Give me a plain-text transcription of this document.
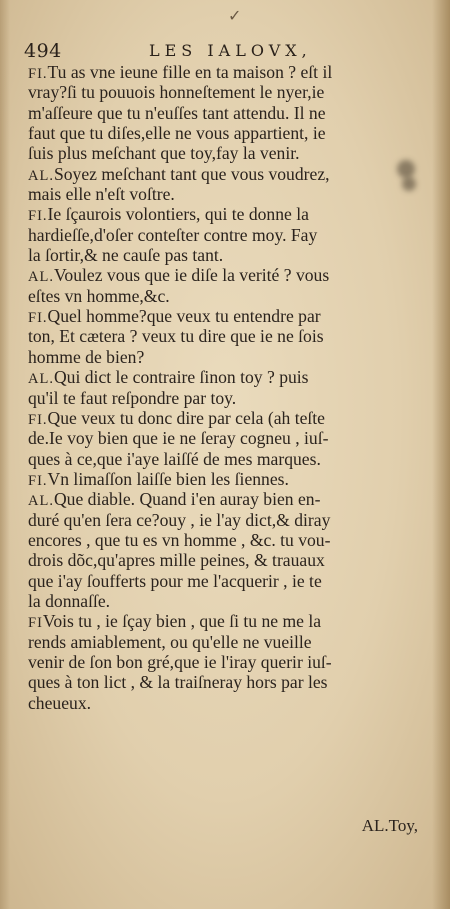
494	LES IALOVX,
✓
FI.Tu as vne ieune fille en ta maison ? eſt il
vray?ſi tu pouuois honneſtement le nyer,ie
m'aſſeure que tu n'euſſes tant attendu. Il ne
faut que tu diſes,elle ne vous appartient, ie
ſuis plus meſchant que toy,fay la venir.
AL.Soyez meſchant tant que vous voudrez,
mais elle n'eſt voſtre.
FI.Ie ſçaurois volontiers, qui te donne la
hardieſſe,d'oſer conteſter contre moy. Fay
la ſortir,& ne cauſe pas tant.
AL.Voulez vous que ie diſe la verité ? vous
eſtes vn homme,&c.
FI.Quel homme?que veux tu entendre par
ton, Et cætera ? veux tu dire que ie ne ſois
homme de bien?
AL.Qui dict le contraire ſinon toy ? puis
qu'il te faut reſpondre par toy.
FI.Que veux tu donc dire par cela (ah teſte
de.Ie voy bien que ie ne ſeray cogneu , iuſ-
ques à ce,que i'aye laiſſé de mes marques.
FI.Vn limaſſon laiſſe bien les ſiennes.
AL.Que diable. Quand i'en auray bien en-
duré qu'en ſera ce?ouy , ie l'ay dict,& diray
encores , que tu es vn homme , &c. tu vou-
drois dõc,qu'apres mille peines, & trauaux
que i'ay ſoufferts pour me l'acquerir , ie te
la donnaſſe.
FIVois tu , ie ſçay bien , que ſi tu ne me la
rends amiablement, ou qu'elle ne vueille
venir de ſon bon gré,que ie l'iray querir iuſ-
ques à ton lict , & la traiſneray hors par les
cheueux.
AL.Toy,
